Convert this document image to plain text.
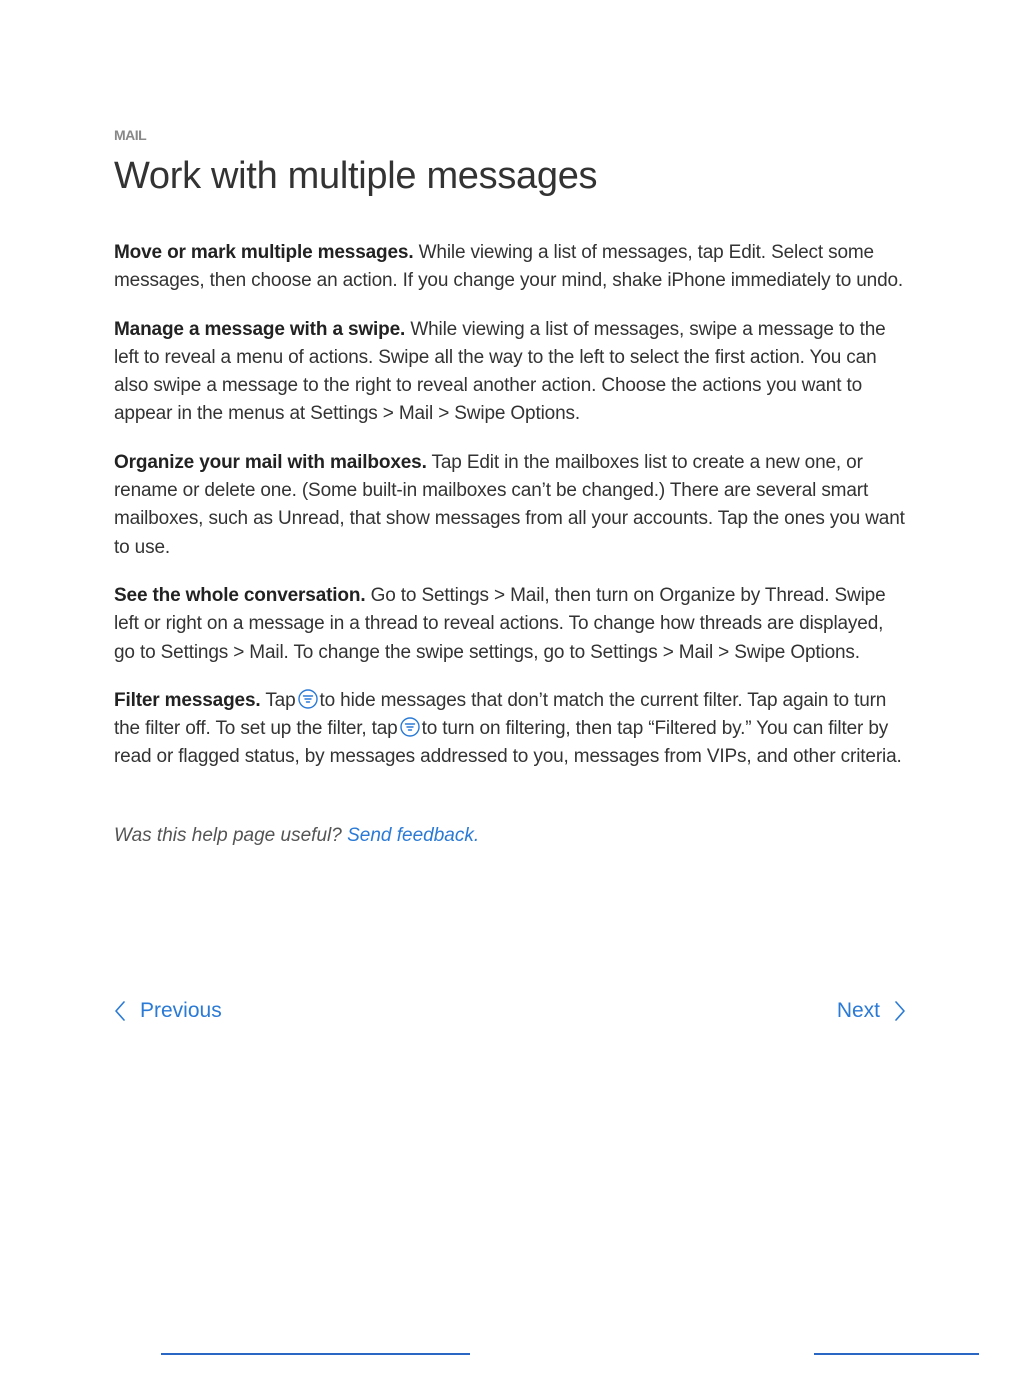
MAIL
Work with multiple messages

Move or mark multiple messages. While viewing a list of messages, tap Edit. Select some messages, then choose an action. If you change your mind, shake iPhone immediately to undo.

Manage a message with a swipe. While viewing a list of messages, swipe a message to the left to reveal a menu of actions. Swipe all the way to the left to select the first action. You can also swipe a message to the right to reveal another action. Choose the actions you want to appear in the menus at Settings > Mail > Swipe Options.

Organize your mail with mailboxes. Tap Edit in the mailboxes list to create a new one, or rename or delete one. (Some built-in mailboxes can’t be changed.) There are several smart mailboxes, such as Unread, that show messages from all your accounts. Tap the ones you want to use.

See the whole conversation. Go to Settings > Mail, then turn on Organize by Thread. Swipe left or right on a message in a thread to reveal actions. To change how threads are displayed, go to Settings > Mail. To change the swipe settings, go to Settings > Mail > Swipe Options.

Filter messages. Tap to hide messages that don’t match the current filter. Tap again to turn the filter off. To set up the filter, tap to turn on filtering, then tap “Filtered by.” You can filter by read or flagged status, by messages addressed to you, messages from VIPs, and other criteria.

Was this help page useful? Send feedback.
Previous	Next
